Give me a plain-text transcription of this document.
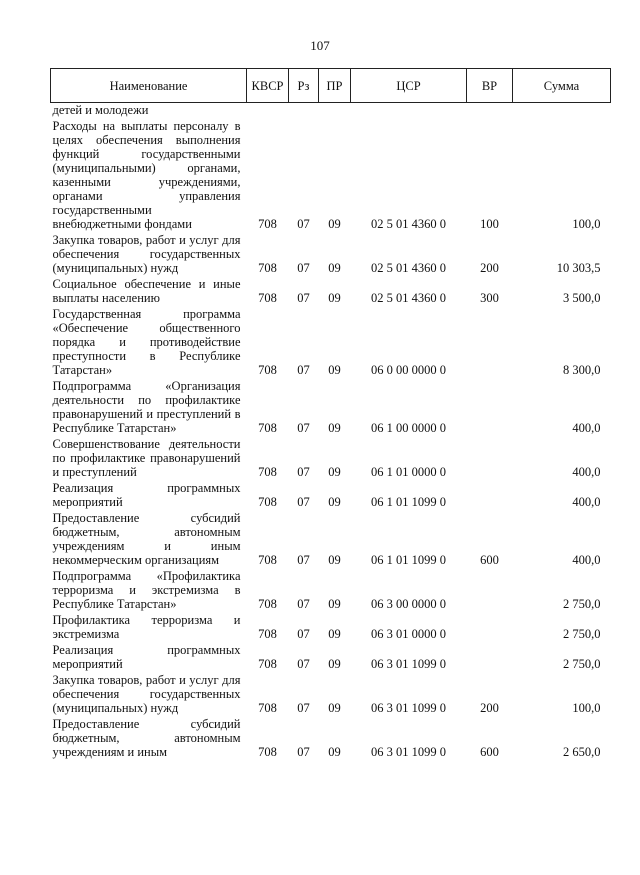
107
Наименование	КВСР	Рз	ПР	ЦСР	ВР	Сумма
детей и молодежи						
Расходы на выплаты персоналу в целях обеспечения выполнения функций государственными (муниципальными) органами, казенными учреждениями, органами управления государственными внебюджетными фондами	708	07	09	02 5 01 4360 0	100	100,0
Закупка товаров, работ и услуг для обеспечения государственных (муниципальных) нужд	708	07	09	02 5 01 4360 0	200	10 303,5
Социальное обеспечение и иные выплаты населению	708	07	09	02 5 01 4360 0	300	3 500,0
Государственная программа «Обеспечение общественного порядка и противодействие преступности в Республике Татарстан»	708	07	09	06 0 00 0000 0		8 300,0
Подпрограмма «Организация деятельности по профилактике правонарушений и преступлений в Республике Татарстан»	708	07	09	06 1 00 0000 0		400,0
Совершенствование деятельности по профилактике правонарушений и преступлений	708	07	09	06 1 01 0000 0		400,0
Реализация программных мероприятий	708	07	09	06 1 01 1099 0		400,0
Предоставление субсидий бюджетным, автономным учреждениям и иным некоммерческим организациям	708	07	09	06 1 01 1099 0	600	400,0
Подпрограмма «Профилактика терроризма и экстремизма в Республике Татарстан»	708	07	09	06 3 00 0000 0		2 750,0
Профилактика терроризма и экстремизма	708	07	09	06 3 01 0000 0		2 750,0
Реализация программных мероприятий	708	07	09	06 3 01 1099 0		2 750,0
Закупка товаров, работ и услуг для обеспечения государственных (муниципальных) нужд	708	07	09	06 3 01 1099 0	200	100,0
Предоставление субсидий бюджетным, автономным учреждениям и иным	708	07	09	06 3 01 1099 0	600	2 650,0
